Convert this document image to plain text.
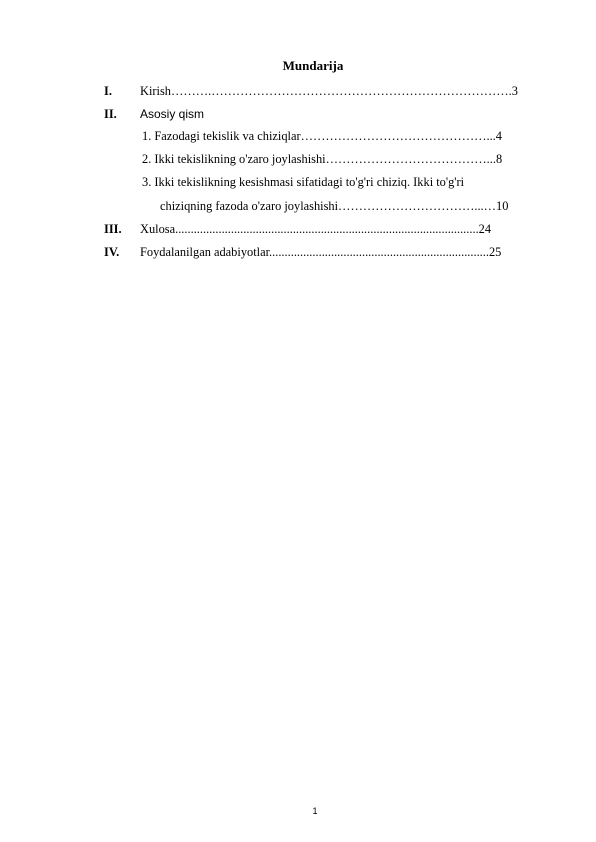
Mundarija
I. Kirish……….……………………………………………………………….3
II. Asosiy qism
1. Fazodagi tekislik va chiziqlar………………………………………...4
2. Ikki tekislikning o'zaro joylashishi…………………………………...8
3. Ikki tekislikning kesishmasi sifatidagi to'g'ri chiziq. Ikki to'g'ri
chiziqning fazoda o'zaro joylashishi……………………………...…10
III. Xulosa..................................................................................................24
IV. Foydalanilgan adabiyotlar.......................................................................25
1
